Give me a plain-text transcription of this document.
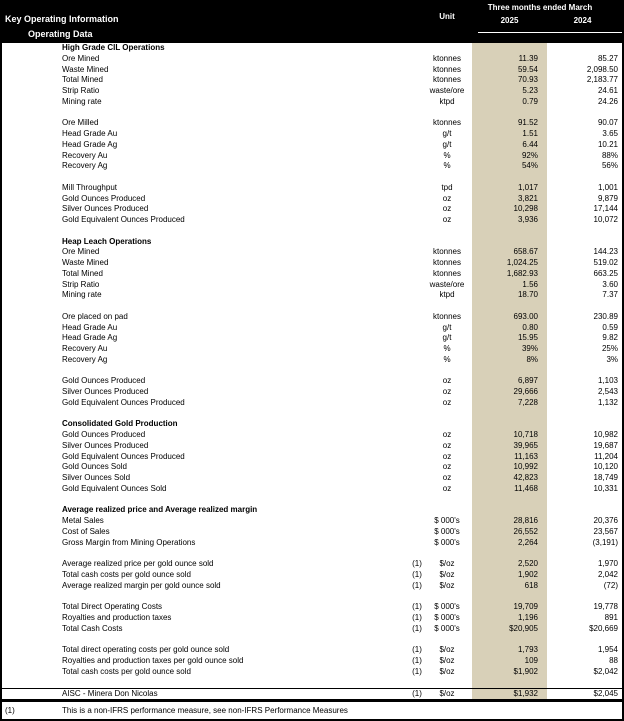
Key Operating Information
Operating Data
Unit
Three months ended March
2025	2024
High Grade CIL Operations
Ore Mined	ktonnes	11.39	85.27
Waste Mined	ktonnes	59.54	2,098.50
Total Mined	ktonnes	70.93	2,183.77
Strip Ratio	waste/ore	5.23	24.61
Mining rate	ktpd	0.79	24.26
Ore Milled	ktonnes	91.52	90.07
Head Grade Au	g/t	1.51	3.65
Head Grade Ag	g/t	6.44	10.21
Recovery Au	%	92%	88%
Recovery Ag	%	54%	56%
Mill Throughput	tpd	1,017	1,001
Gold Ounces Produced	oz	3,821	9,879
Silver Ounces Produced	oz	10,298	17,144
Gold Equivalent Ounces Produced	oz	3,936	10,072
Heap Leach Operations
Ore Mined	ktonnes	658.67	144.23
Waste Mined	ktonnes	1,024.25	519.02
Total Mined	ktonnes	1,682.93	663.25
Strip Ratio	waste/ore	1.56	3.60
Mining rate	ktpd	18.70	7.37
Ore placed on pad	ktonnes	693.00	230.89
Head Grade Au	g/t	0.80	0.59
Head Grade Ag	g/t	15.95	9.82
Recovery Au	%	39%	25%
Recovery Ag	%	8%	3%
Gold Ounces Produced	oz	6,897	1,103
Silver Ounces Produced	oz	29,666	2,543
Gold Equivalent Ounces Produced	oz	7,228	1,132
Consolidated Gold Production
Gold Ounces Produced	oz	10,718	10,982
Silver Ounces Produced	oz	39,965	19,687
Gold Equivalent Ounces Produced	oz	11,163	11,204
Gold Ounces Sold	oz	10,992	10,120
Silver Ounces Sold	oz	42,823	18,749
Gold Equivalent Ounces Sold	oz	11,468	10,331
Average realized price and Average realized margin
Metal Sales	$ 000's	28,816	20,376
Cost of Sales	$ 000's	26,552	23,567
Gross Margin from Mining Operations	$ 000's	2,264	(3,191)
Average realized price per gold ounce sold	(1)	$/oz	2,520	1,970
Total cash costs per gold ounce sold	(1)	$/oz	1,902	2,042
Average realized margin per gold ounce sold	(1)	$/oz	618	(72)
Total Direct Operating Costs	(1)	$ 000's	19,709	19,778
Royalties and production taxes	(1)	$ 000's	1,196	891
Total Cash Costs	(1)	$ 000's	$20,905	$20,669
Total direct operating costs per gold ounce sold	(1)	$/oz	1,793	1,954
Royalties and production taxes per gold ounce sold	(1)	$/oz	109	88
Total cash costs per gold ounce sold	(1)	$/oz	$1,902	$2,042
AISC - Minera Don Nicolas	(1)	$/oz	$1,932	$2,045
(1)	This is a non-IFRS performance measure, see non-IFRS Performance Measures
